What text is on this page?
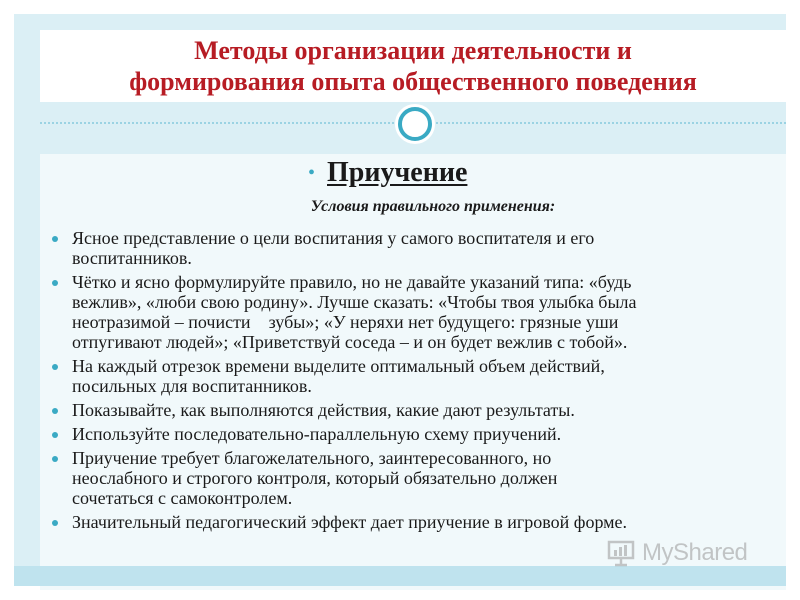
Методы организации деятельности и
формирования опыта общественного поведения
• Приучение
Условия правильного применения:
Ясное представление о цели воспитания у самого воспитателя и его
воспитанников.
Чётко и ясно формулируйте правило, но не давайте указаний типа: «будь
вежлив», «люби свою родину». Лучше сказать: «Чтобы твоя улыбка была
неотразимой – почисти    зубы»; «У неряхи нет будущего: грязные уши
отпугивают людей»; «Приветствуй соседа – и он будет вежлив с тобой».
На каждый отрезок времени выделите оптимальный объем действий,
посильных для воспитанников.
Показывайте, как выполняются действия, какие дают результаты.
Используйте последовательно-параллельную схему приучений.
Приучение требует благожелательного, заинтересованного, но
неослабного и строгого контроля, который обязательно должен
сочетаться с самоконтролем.
Значительный педагогический эффект дает приучение в игровой форме.
MyShared
